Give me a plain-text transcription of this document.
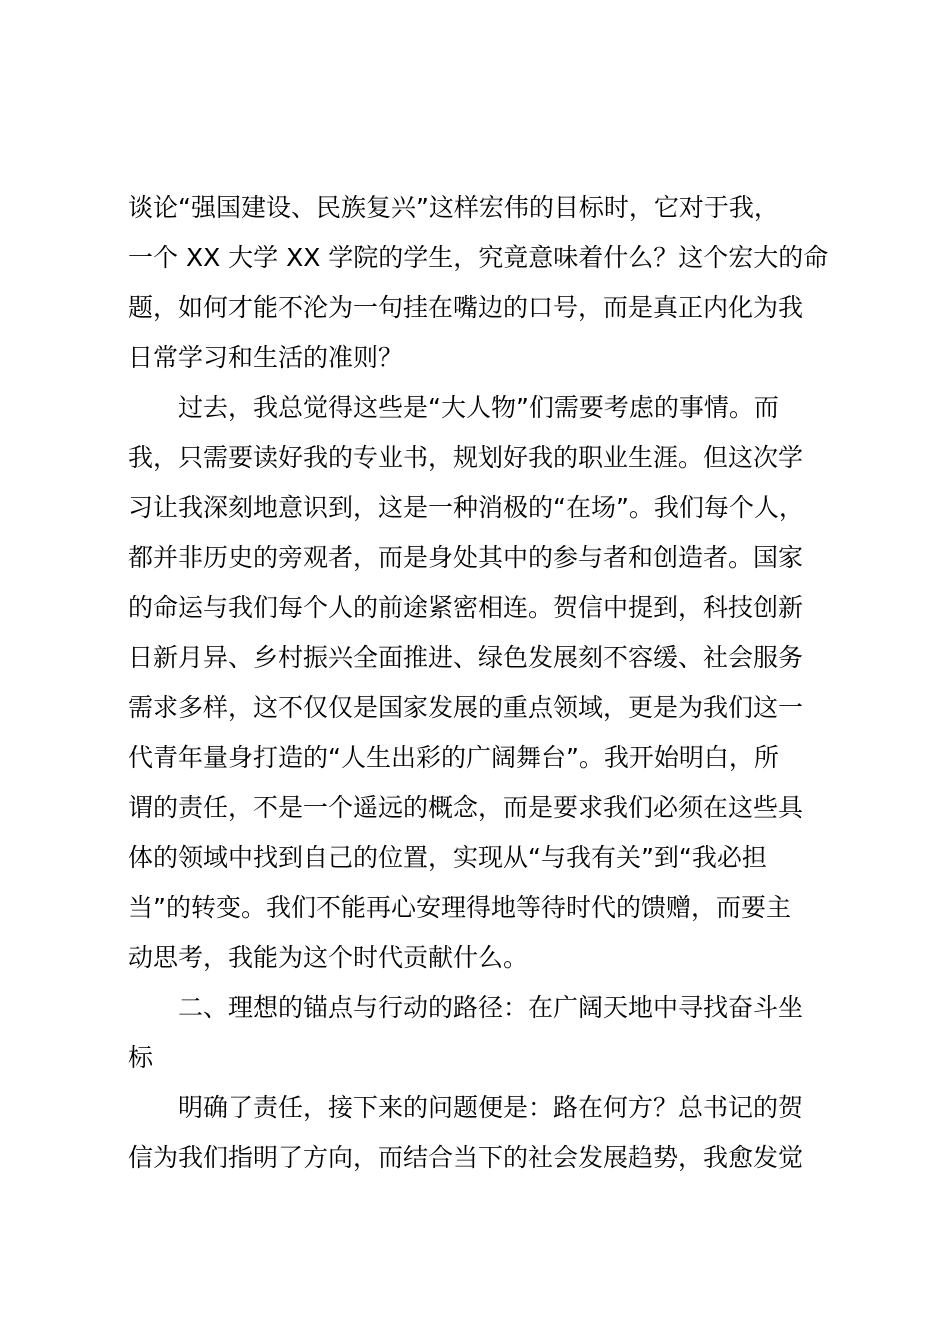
谈论“强国建设、民族复兴”这样宏伟的目标时，它对于我，
一个 XX 大学 XX 学院的学生，究竟意味着什么？这个宏大的命
题，如何才能不沦为一句挂在嘴边的口号，而是真正内化为我
日常学习和生活的准则？
过去，我总觉得这些是“大人物”们需要考虑的事情。而
我，只需要读好我的专业书，规划好我的职业生涯。但这次学
习让我深刻地意识到，这是一种消极的“在场”。我们每个人，
都并非历史的旁观者，而是身处其中的参与者和创造者。国家
的命运与我们每个人的前途紧密相连。贺信中提到，科技创新
日新月异、乡村振兴全面推进、绿色发展刻不容缓、社会服务
需求多样，这不仅仅是国家发展的重点领域，更是为我们这一
代青年量身打造的“人生出彩的广阔舞台”。我开始明白，所
谓的责任，不是一个遥远的概念，而是要求我们必须在这些具
体的领域中找到自己的位置，实现从“与我有关”到“我必担
当”的转变。我们不能再心安理得地等待时代的馈赠，而要主
动思考，我能为这个时代贡献什么。
二、理想的锚点与行动的路径：在广阔天地中寻找奋斗坐
标
明确了责任，接下来的问题便是：路在何方？总书记的贺
信为我们指明了方向，而结合当下的社会发展趋势，我愈发觉
